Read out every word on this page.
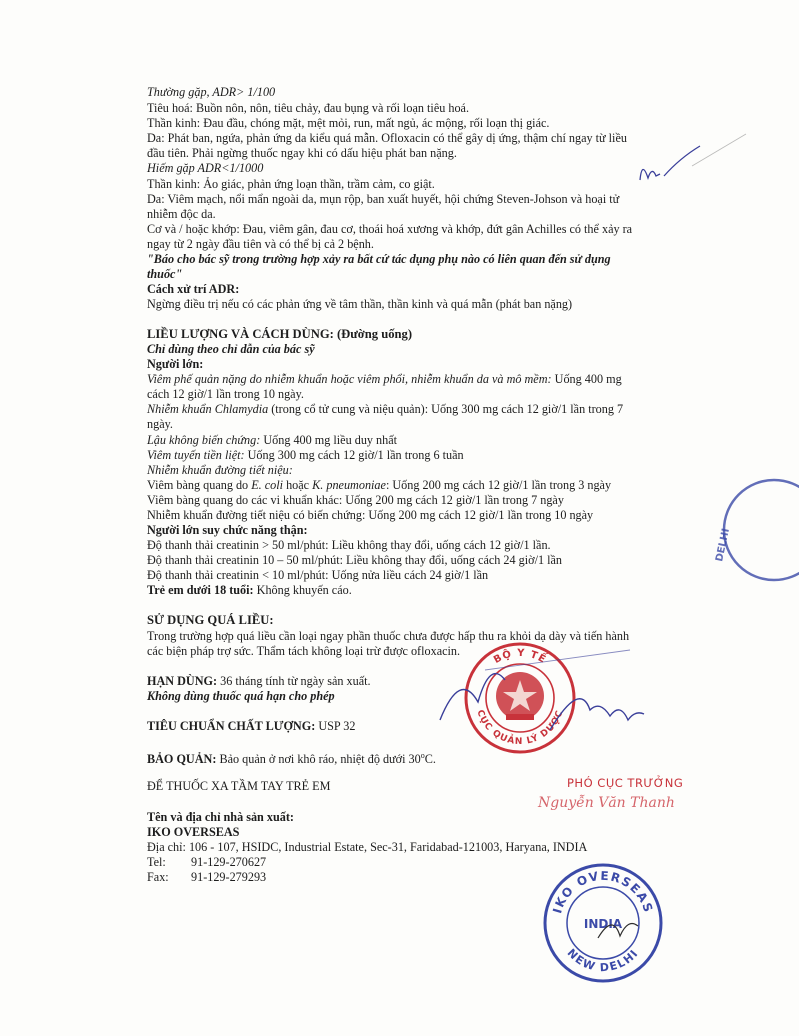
Thường gặp, ADR> 1/100
Tiêu hoá: Buồn nôn, nôn, tiêu chảy, đau bụng và rối loạn tiêu hoá.
Thần kinh: Đau đầu, chóng mặt, mệt mỏi, run, mất ngủ, ác mộng, rối loạn thị giác.
Da: Phát ban, ngứa, phản ứng da kiểu quá mẫn. Ofloxacin có thể gây dị ứng, thậm chí ngay từ liều
đầu tiên. Phải ngừng thuốc ngay khi có dấu hiệu phát ban nặng.
Hiếm gặp ADR<1/1000
Thần kinh: Ảo giác, phản ứng loạn thần, trầm cảm, co giật.
Da: Viêm mạch, nổi mẩn ngoài da, mụn rộp, ban xuất huyết, hội chứng Steven-Johson và hoại tử
nhiễm độc da.
Cơ và / hoặc khớp: Đau, viêm gân, đau cơ, thoái hoá xương và khớp, đứt gân Achilles có thể xảy ra
ngay từ 2 ngày đầu tiên và có thể bị cả 2 bệnh.
"Báo cho bác sỹ trong trường hợp xảy ra bất cứ tác dụng phụ nào có liên quan đến sử dụng
thuốc"
Cách xử trí ADR:
Ngừng điều trị nếu có các phản ứng về tâm thần, thần kinh và quá mẫn (phát ban nặng)
LIỀU LƯỢNG VÀ CÁCH DÙNG: (Đường uống)
Chỉ dùng theo chỉ dẫn của bác sỹ
Người lớn:
Viêm phế quản nặng do nhiễm khuẩn hoặc viêm phổi, nhiễm khuẩn da và mô mềm: Uống 400 mg
cách 12 giờ/1 lần trong 10 ngày.
Nhiễm khuẩn Chlamydia (trong cổ tử cung và niệu quản): Uống 300 mg cách 12 giờ/1 lần trong 7
ngày.
Lậu không biến chứng: Uống 400 mg liều duy nhất
Viêm tuyến tiền liệt: Uống 300 mg cách 12 giờ/1 lần trong 6 tuần
Nhiễm khuẩn đường tiết niệu:
Viêm bàng quang do E. coli hoặc K. pneumoniae: Uống 200 mg cách 12 giờ/1 lần trong 3 ngày
Viêm bàng quang do các vi khuẩn khác: Uống 200 mg cách 12 giờ/1 lần trong 7 ngày
Nhiễm khuẩn đường tiết niệu có biến chứng: Uống 200 mg cách 12 giờ/1 lần trong 10 ngày
Người lớn suy chức năng thận:
Độ thanh thải creatinin > 50 ml/phút: Liều không thay đổi, uống cách 12 giờ/1 lần.
Độ thanh thải creatinin 10 – 50 ml/phút: Liều không thay đổi, uống cách 24 giờ/1 lần
Độ thanh thải creatinin < 10 ml/phút: Uống nửa liều cách 24 giờ/1 lần
Trẻ em dưới 18 tuổi: Không khuyến cáo.
SỬ DỤNG QUÁ LIỀU:
Trong trường hợp quá liều cần loại ngay phần thuốc chưa được hấp thu ra khỏi dạ dày và tiến hành
các biện pháp trợ sức. Thẩm tách không loại trừ được ofloxacin.
HẠN DÙNG: 36 tháng tính từ ngày sản xuất.
Không dùng thuốc quá hạn cho phép
TIÊU CHUẨN CHẤT LƯỢNG: USP 32
BẢO QUẢN: Bảo quản ở nơi khô ráo, nhiệt độ dưới 30$^o$C.
ĐỂ THUỐC XA TẦM TAY TRẺ EM
Tên và địa chỉ nhà sản xuất:
IKO OVERSEAS
Địa chỉ: 106 - 107, HSIDC, Industrial Estate, Sec-31, Faridabad-121003, Haryana, INDIA
Tel: 91-129-270627
Fax: 91-129-279293
BỘ Y TẾ
CỤC QUẢN LÝ DƯỢC
PHÓ CỤC TRƯỞNG
Nguyễn Văn Thanh
IKO OVERSEAS
NEW DELHI
INDIA
DELHI
